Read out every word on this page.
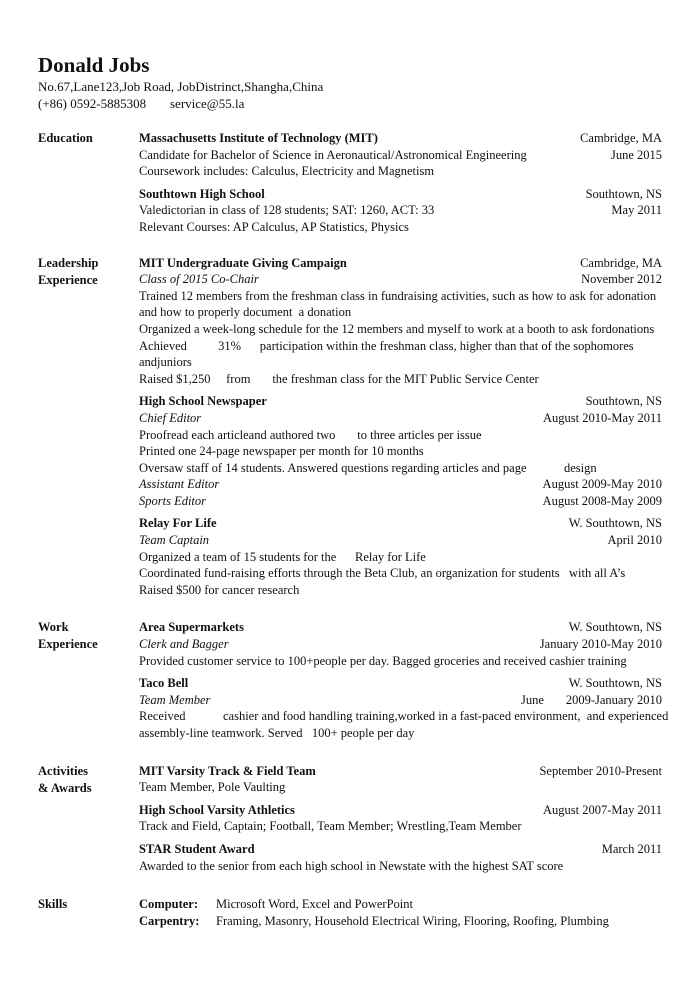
Donald Jobs
No.67,Lane123,Job Road, JobDistrinct,Shangha,China
(+86) 0592-5885308 service@55.la
Education	Massachusetts Institute of Technology (MIT)	Cambridge, MA
Candidate for Bachelor of Science in Aeronautical/Astronomical Engineering	June 2015
Coursework includes: Calculus, Electricity and Magnetism
Southtown High School	Southtown, NS
Valedictorian in class of 128 students; SAT: 1260, ACT: 33	May 2011
Relevant Courses: AP Calculus, AP Statistics, Physics
Leadership
Experience
MIT Undergraduate Giving Campaign	Cambridge, MA
Class of 2015 Co-Chair	November 2012
Trained 12 members from the freshman class in fundraising activities, such as how to ask for adonation
and how to properly document  a donation
Organized a week-long schedule for the 12 members and myself to work at a booth to ask fordonations
Achieved          31%      participation within the freshman class, higher than that of the sophomores
andjuniors
Raised $1,250     from       the freshman class for the MIT Public Service Center
High School Newspaper	Southtown, NS
Chief Editor	August 2010-May 2011
Proofread each articleand authored two       to three articles per issue
Printed one 24-page newspaper per month for 10 months
Oversaw staff of 14 students. Answered questions regarding articles and page            design
Assistant Editor	August 2009-May 2010
Sports Editor	August 2008-May 2009
Relay For Life	W. Southtown, NS
Team Captain	April 2010
Organized a team of 15 students for the      Relay for Life
Coordinated fund-raising efforts through the Beta Club, an organization for students   with all A’s
Raised $500 for cancer research
Work
Experience
Area Supermarkets	W. Southtown, NS
Clerk and Bagger	January 2010-May 2010
Provided customer service to 100+people per day. Bagged groceries and received cashier training
Taco Bell	W. Southtown, NS
Team Member	June       2009-January 2010
Received            cashier and food handling training,worked in a fast-paced environment,  and experienced
assembly-line teamwork. Served   100+ people per day
Activities
& Awards
MIT Varsity Track & Field Team	September 2010-Present
Team Member, Pole Vaulting
High School Varsity Athletics	August 2007-May 2011
Track and Field, Captain; Football, Team Member; Wrestling,Team Member
STAR Student Award	March 2011
Awarded to the senior from each high school in Newstate with the highest SAT score
Skills	Computer:	Microsoft Word, Excel and PowerPoint
Carpentry:	Framing, Masonry, Household Electrical Wiring, Flooring, Roofing, Plumbing
